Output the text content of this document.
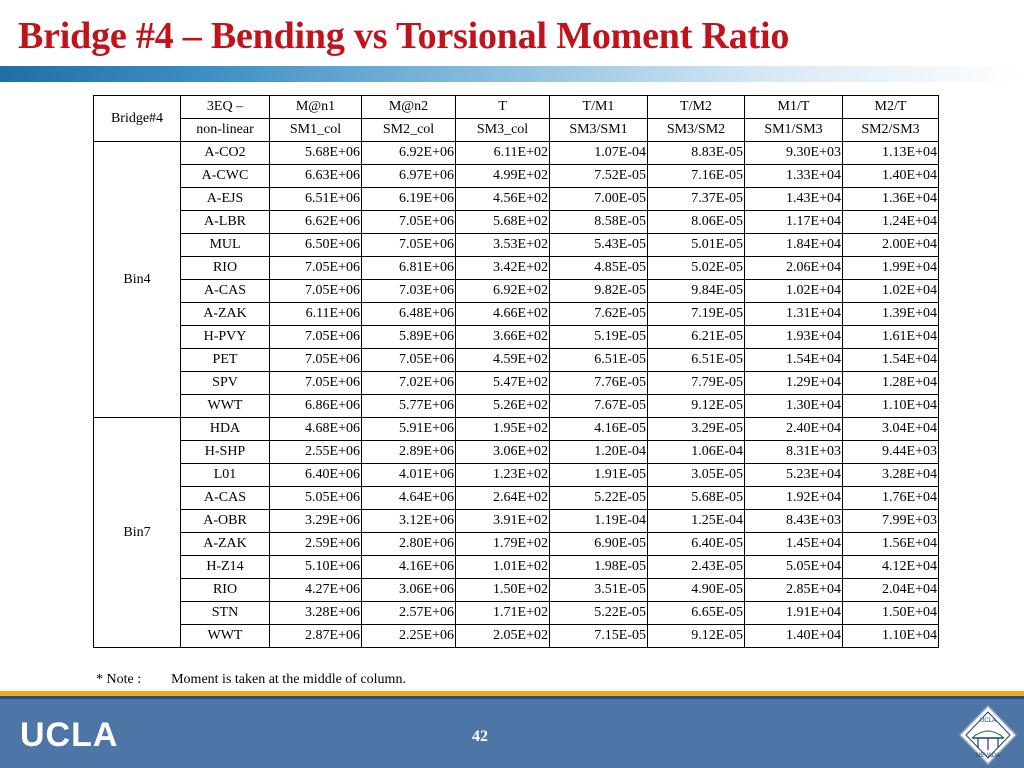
Bridge #4 – Bending vs Torsional Moment Ratio
Bridge#4	3EQ –	M@n1	M@n2	T	T/M1	T/M2	M1/T	M2/T
	non-linear	SM1_col	SM2_col	SM3_col	SM3/SM1	SM3/SM2	SM1/SM3	SM2/SM3
Bin4	A-CO2	5.68E+06	6.92E+06	6.11E+02	1.07E-04	8.83E-05	9.30E+03	1.13E+04
	A-CWC	6.63E+06	6.97E+06	4.99E+02	7.52E-05	7.16E-05	1.33E+04	1.40E+04
	A-EJS	6.51E+06	6.19E+06	4.56E+02	7.00E-05	7.37E-05	1.43E+04	1.36E+04
	A-LBR	6.62E+06	7.05E+06	5.68E+02	8.58E-05	8.06E-05	1.17E+04	1.24E+04
	MUL	6.50E+06	7.05E+06	3.53E+02	5.43E-05	5.01E-05	1.84E+04	2.00E+04
	RIO	7.05E+06	6.81E+06	3.42E+02	4.85E-05	5.02E-05	2.06E+04	1.99E+04
	A-CAS	7.05E+06	7.03E+06	6.92E+02	9.82E-05	9.84E-05	1.02E+04	1.02E+04
	A-ZAK	6.11E+06	6.48E+06	4.66E+02	7.62E-05	7.19E-05	1.31E+04	1.39E+04
	H-PVY	7.05E+06	5.89E+06	3.66E+02	5.19E-05	6.21E-05	1.93E+04	1.61E+04
	PET	7.05E+06	7.05E+06	4.59E+02	6.51E-05	6.51E-05	1.54E+04	1.54E+04
	SPV	7.05E+06	7.02E+06	5.47E+02	7.76E-05	7.79E-05	1.29E+04	1.28E+04
	WWT	6.86E+06	5.77E+06	5.26E+02	7.67E-05	9.12E-05	1.30E+04	1.10E+04
Bin7	HDA	4.68E+06	5.91E+06	1.95E+02	4.16E-05	3.29E-05	2.40E+04	3.04E+04
	H-SHP	2.55E+06	2.89E+06	3.06E+02	1.20E-04	1.06E-04	8.31E+03	9.44E+03
	L01	6.40E+06	4.01E+06	1.23E+02	1.91E-05	3.05E-05	5.23E+04	3.28E+04
	A-CAS	5.05E+06	4.64E+06	2.64E+02	5.22E-05	5.68E-05	1.92E+04	1.76E+04
	A-OBR	3.29E+06	3.12E+06	3.91E+02	1.19E-04	1.25E-04	8.43E+03	7.99E+03
	A-ZAK	2.59E+06	2.80E+06	1.79E+02	6.90E-05	6.40E-05	1.45E+04	1.56E+04
	H-Z14	5.10E+06	4.16E+06	1.01E+02	1.98E-05	2.43E-05	5.05E+04	4.12E+04
	RIO	4.27E+06	3.06E+06	1.50E+02	3.51E-05	4.90E-05	2.85E+04	2.04E+04
	STN	3.28E+06	2.57E+06	1.71E+02	5.22E-05	6.65E-05	1.91E+04	1.50E+04
	WWT	2.87E+06	2.25E+06	2.05E+02	7.15E-05	9.12E-05	1.40E+04	1.10E+04
* Note : Moment is taken at the middle of column.
UCLA	42
UCLA
NEVADA
